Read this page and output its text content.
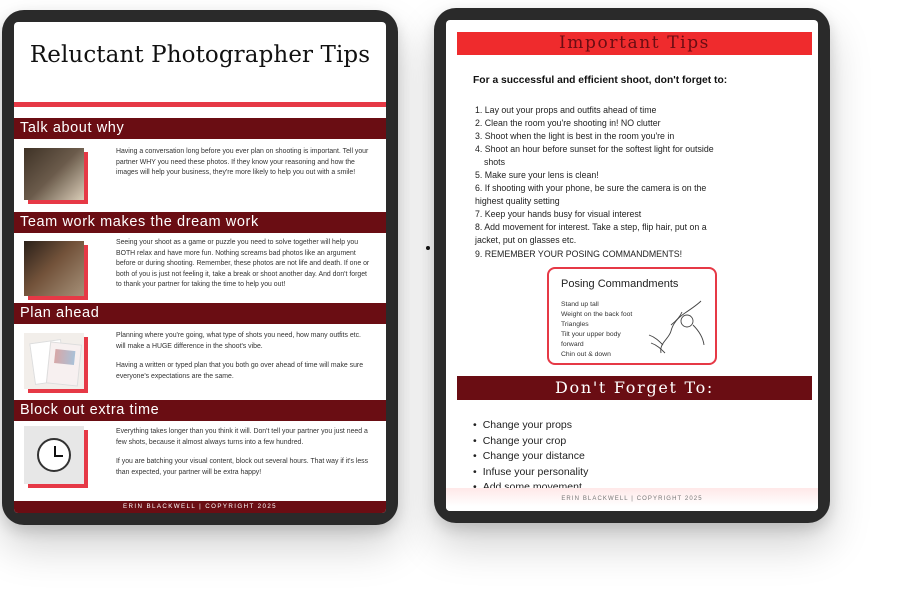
Reluctant Photographer Tips
Talk about why

Having a conversation long before you ever plan on shooting is important. Tell your partner WHY you need these photos. If they know your reasoning and how the images will help your business, they're more likely to help you out with a smile!

Team work makes the dream work

Seeing your shoot as a game or puzzle you need to solve together will help you BOTH relax and have more fun. Nothing screams bad photos like an argument before or during shooting. Remember, these photos are not life and death. If one or both of you is just not feeling it, take a break or shoot another day. And don't forget to thank your partner for taking the time to help you out!

Plan ahead

Planning where you're going, what type of shots you need, how many outfits etc. will make a HUGE difference in the shoot's vibe.

Having a written or typed plan that you both go over ahead of time will make sure everyone's expectations are the same.

Block out extra time

Everything takes longer than you think it will. Don't tell your partner you just need a few shots, because it almost always turns into a few hundred.

If you are batching your visual content, block out several hours. That way if it's less than expected, your partner will be extra happy!

ERIN BLACKWELL | COPYRIGHT 2025
Important Tips
For a successful and efficient shoot, don't forget to:
1. Lay out your props and outfits ahead of time
2. Clean the room you're shooting in! NO clutter
3. Shoot when the light is best in the room you're in
4. Shoot an hour before sunset for the softest light for outside
shots
5. Make sure your lens is clean!
6. If shooting with your phone, be sure the camera is on the
highest quality setting
7. Keep your hands busy for visual interest
8. Add movement for interest. Take a step, flip hair, put on a
jacket, put on glasses etc.
9. REMEMBER YOUR POSING COMMANDMENTS!
Posing Commandments
Stand up tall
Weight on the back foot
Triangles
Tilt your upper body
forward
Chin out & down
Don't Forget To:
• Change your props
• Change your crop
• Change your distance
• Infuse your personality
•
ERIN BLACKWELL | COPYRIGHT 2025
